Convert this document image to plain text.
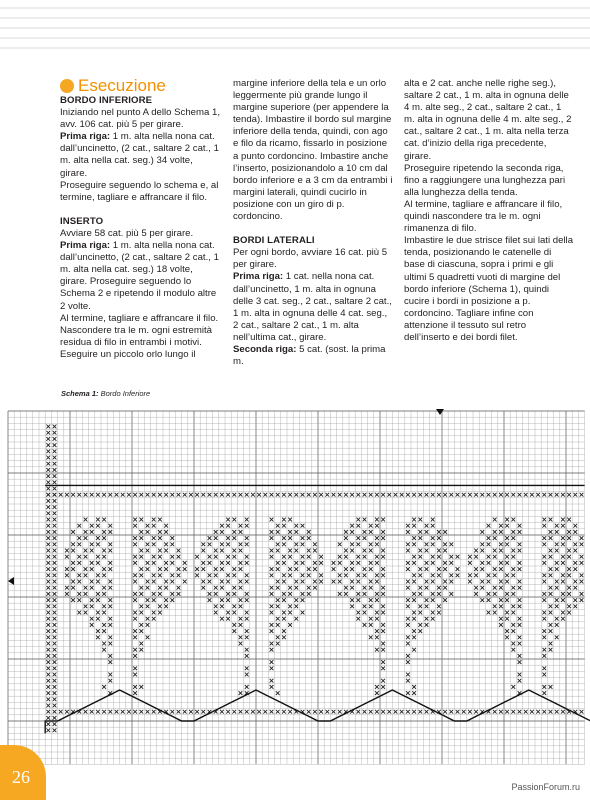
Esecuzione
BORDO INFERIORE
Iniziando nel punto A dello Schema 1, avv. 106 cat. più 5 per girare.
Prima riga: 1 m. alta nella nona cat. dall’uncinetto, (2 cat., saltare 2 cat., 1 m. alta nella cat. seg.) 34 volte, girare.
Proseguire seguendo lo schema e, al termine, tagliare e affrancare il filo.
INSERTO
Avviare 58 cat. più 5 per girare.
Prima riga: 1 m. alta nella nona cat. dall’uncinetto, (2 cat., saltare 2 cat., 1 m. alta nella cat. seg.) 18 volte, girare. Proseguire seguendo lo Schema 2 e ripetendo il modulo altre 2 volte.
Al termine, tagliare e affrancare il filo. Nascondere tra le m. ogni estremità residua di filo in entrambi i motivi.
Eseguire un piccolo orlo lungo il
margine inferiore della tela e un orlo leggermente più grande lungo il margine superiore (per appendere la tenda). Imbastire il bordo sul margine inferiore della tenda, quindi, con ago e filo da ricamo, fissarlo in posizione a punto cordoncino. Imbastire anche l’inserto, posizionandolo a 10 cm dal bordo inferiore e a 3 cm da entrambi i margini laterali, quindi cucirlo in posizione con un giro di p. cordoncino.
BORDI LATERALI
Per ogni bordo, avviare 16 cat. più 5 per girare.
Prima riga: 1 cat. nella nona cat. dall’uncinetto, 1 m. alta in ognuna delle 3 cat. seg., 2 cat., saltare 2 cat., 1 m. alta in ognuna delle 4 cat. seg., 2 cat., saltare 2 cat., 1 m. alta nell’ultima cat., girare.
Seconda riga: 5 cat. (sost. la prima m.
alta e 2 cat. anche nelle righe seg.), saltare 2 cat., 1 m. alta in ognuna delle 4 m. alte seg., 2 cat., saltare 2 cat., 1 m. alta in ognuna delle 4 m. alte seg., 2 cat., saltare 2 cat., 1 m. alta nella terza cat. d’inizio della riga precedente, girare.
Proseguire ripetendo la seconda riga, fino a raggiungere una lunghezza pari alla lunghezza della tenda.
Al termine, tagliare e affrancare il filo, quindi nascondere tra le m. ogni rimanenza di filo.
Imbastire le due strisce filet sui lati della tenda, posizionando le catenelle di base di ciascuna, sopra i primi e gli ultimi 5 quadretti vuoti di margine del bordo inferiore (Schema 1), quindi cucire i bordi in posizione a p. cordoncino. Tagliare infine con attenzione il tessuto sul retro dell’inserto e dei bordi filet.
Schema 1: Bordo Inferiore
26	PassionForum.ru
